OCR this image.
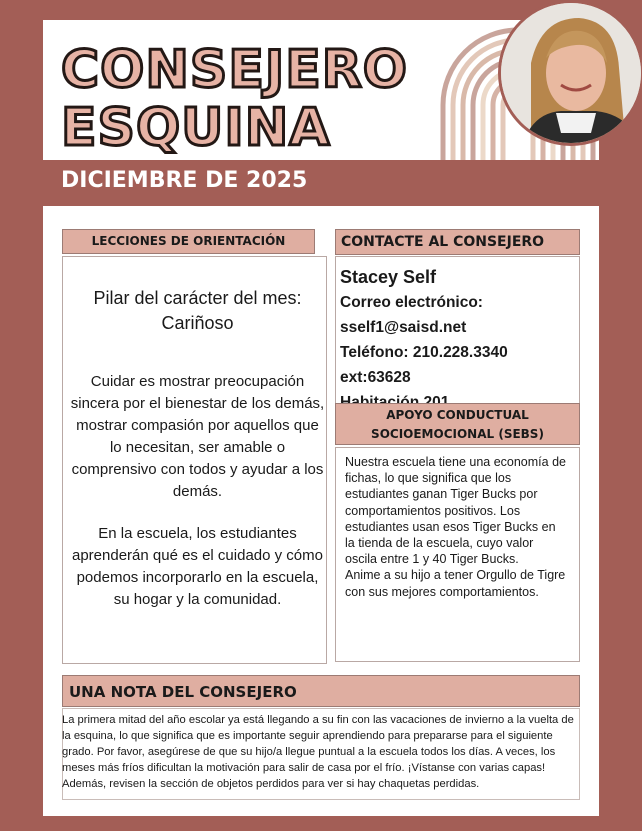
CONSEJERO
ESQUINA
DICIEMBRE DE 2025
LECCIONES DE ORIENTACIÓN
Pilar del carácter del mes:
Cariñoso
Cuidar es mostrar preocupación sincera por el bienestar de los demás, mostrar compasión por aquellos que lo necesitan, ser amable o comprensivo con todos y ayudar a los demás.
En la escuela, los estudiantes aprenderán qué es el cuidado y cómo podemos incorporarlo en la escuela, su hogar y la comunidad.
CONTACTE AL CONSEJERO
Stacey Self
Correo electrónico:
sself1@saisd.net
Teléfono: 210.228.3340
ext:63628
APOYO CONDUCTUAL
SOCIOEMOCIONAL (SEBS)
Nuestra escuela tiene una economía de fichas, lo que significa que los estudiantes ganan Tiger Bucks por comportamientos positivos. Los estudiantes usan esos Tiger Bucks en la tienda de la escuela, cuyo valor oscila entre 1 y 40 Tiger Bucks.
Anime a su hijo a tener Orgullo de Tigre con sus mejores comportamientos.
UNA NOTA DEL CONSEJERO
La primera mitad del año escolar ya está llegando a su fin con las vacaciones de invierno a la vuelta de la esquina, lo que significa que es importante seguir aprendiendo para prepararse para el siguiente grado. Por favor, asegúrese de que su hijo/a llegue puntual a la escuela todos los días. A veces, los meses más fríos dificultan la motivación para salir de casa por el frío. ¡Vístanse con varias capas! Además, revisen la sección de objetos perdidos para ver si hay chaquetas perdidas.
